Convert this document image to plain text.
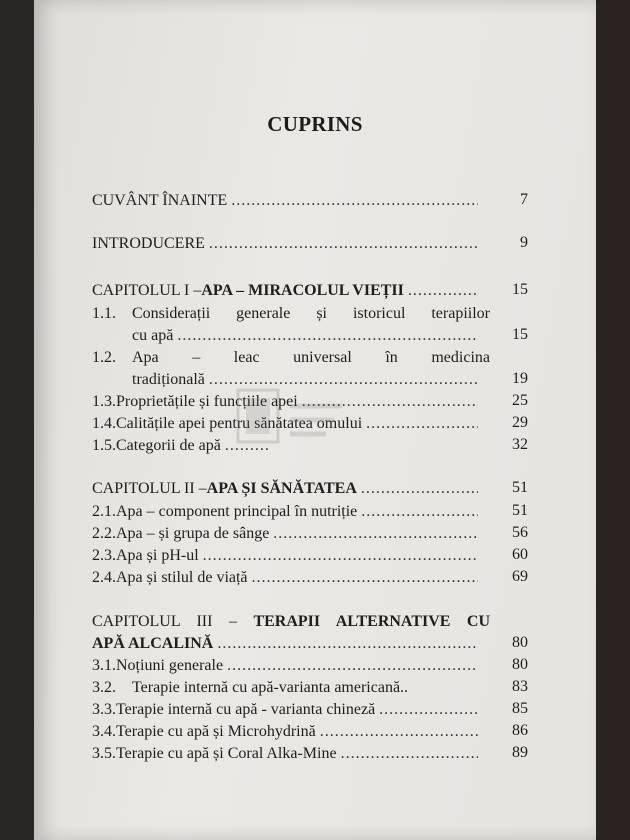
CUPRINS
CUVÂNT ÎNAINTE .....	7
INTRODUCERE .....	9
CAPITOLUL I – APA – MIRACOLUL VIEȚII .....	15
1.1.	Considerații generale și istoricul terapiilor
cu apă .....	15
1.2.	Apa – leac universal în medicina
tradițională .....	19
1.3. Proprietățile și funcțiile apei .....	25
1.4. Calitățile apei pentru sănătatea omului .....	29
1.5. Categorii de apă .....	32
CAPITOLUL II – APA ȘI SĂNĂTATEA .....	51
2.1. Apa – component principal în nutriție .....	51
2.2. Apa – și grupa de sânge .....	56
2.3. Apa și pH-ul .....	60
2.4. Apa și stilul de viață .....	69
CAPITOLUL III – TERAPII ALTERNATIVE CU
APĂ ALCALINĂ .....	80
3.1. Noțiuni generale .....	80
3.2.	Terapie internă cu apă-varianta americană..	83
3.3. Terapie internă cu apă - varianta chineză .....	85
3.4. Terapie cu apă și Microhydrină .....	86
3.5. Terapie cu apă și Coral Alka-Mine .....	89
